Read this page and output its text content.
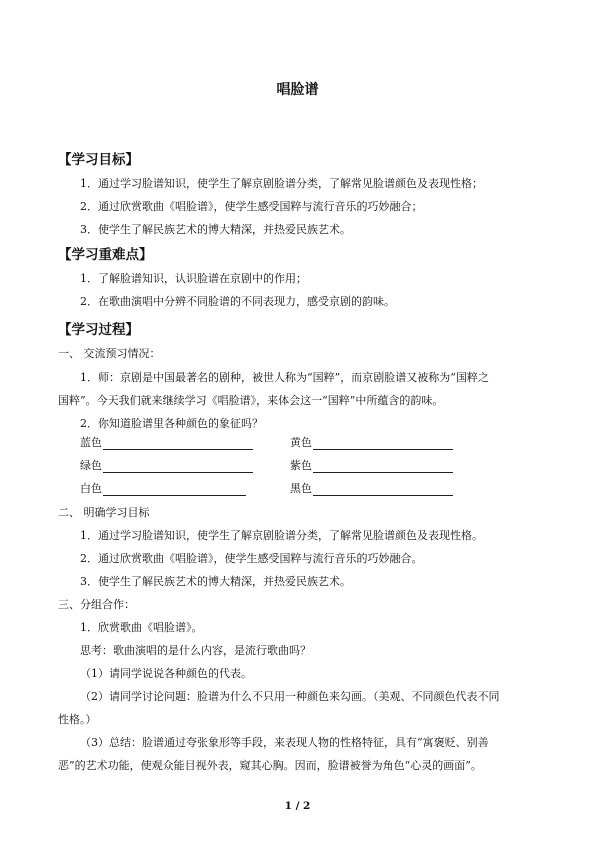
唱脸谱
【学习目标】
1．通过学习脸谱知识，使学生了解京剧脸谱分类，了解常见脸谱颜色及表现性格；
2．通过欣赏歌曲《唱脸谱》，使学生感受国粹与流行音乐的巧妙融合；
3．使学生了解民族艺术的博大精深，并热爱民族艺术。
【学习重难点】
1．了解脸谱知识，认识脸谱在京剧中的作用；
2．在歌曲演唱中分辨不同脸谱的不同表现力，感受京剧的韵味。
【学习过程】
一、 交流预习情况：
1．师：京剧是中国最著名的剧种，被世人称为“国粹”，而京剧脸谱又被称为“国粹之
国粹”。今天我们就来继续学习《唱脸谱》，来体会这一“国粹”中所蕴含的韵味。
2．你知道脸谱里各种颜色的象征吗？
蓝色	黄色
绿色	紫色
白色	黑色
二、 明确学习目标
1．通过学习脸谱知识，使学生了解京剧脸谱分类，了解常见脸谱颜色及表现性格。
2．通过欣赏歌曲《唱脸谱》，使学生感受国粹与流行音乐的巧妙融合。
3．使学生了解民族艺术的博大精深，并热爱民族艺术。
三、分组合作：
1．欣赏歌曲《唱脸谱》。
思考：歌曲演唱的是什么内容，是流行歌曲吗？
（1）请同学说说各种颜色的代表。
（2）请同学讨论问题：脸谱为什么不只用一种颜色来勾画。（美观、不同颜色代表不同
性格。）
（3）总结：脸谱通过夸张象形等手段，来表现人物的性格特征，具有“寓褒贬、别善
恶”的艺术功能，使观众能目视外表，窥其心胸。因而，脸谱被誉为角色“心灵的画面”。
1 / 2
